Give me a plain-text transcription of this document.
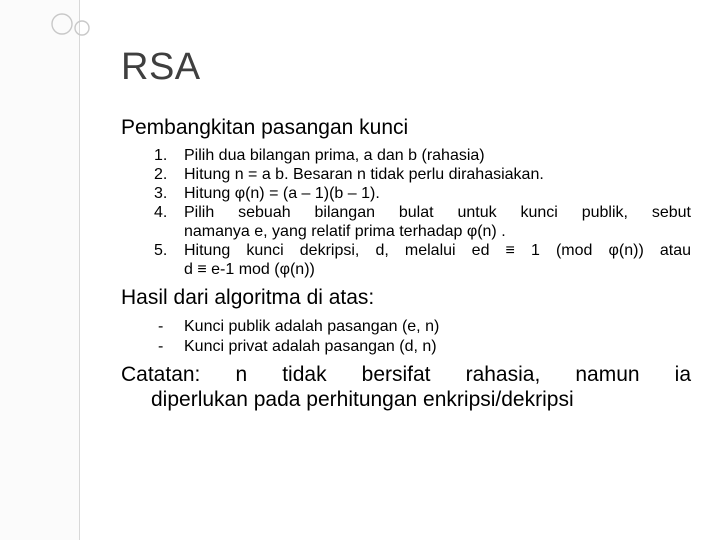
RSA
Pembangkitan pasangan kunci
1. Pilih dua bilangan prima, a dan b (rahasia)
2. Hitung n = a b. Besaran n tidak perlu dirahasiakan.
3. Hitung φ(n) = (a – 1)(b – 1).
4. Pilih sebuah bilangan bulat untuk kunci publik, sebut
namanya e, yang relatif prima terhadap φ(n) .
5. Hitung kunci dekripsi, d, melalui ed ≡ 1 (mod φ(n)) atau
d ≡ e-1 mod (φ(n))
Hasil dari algoritma di atas:
- Kunci publik adalah pasangan (e, n)
- Kunci privat adalah pasangan (d, n)
Catatan: n tidak bersifat rahasia, namun ia
diperlukan pada perhitungan enkripsi/dekripsi
